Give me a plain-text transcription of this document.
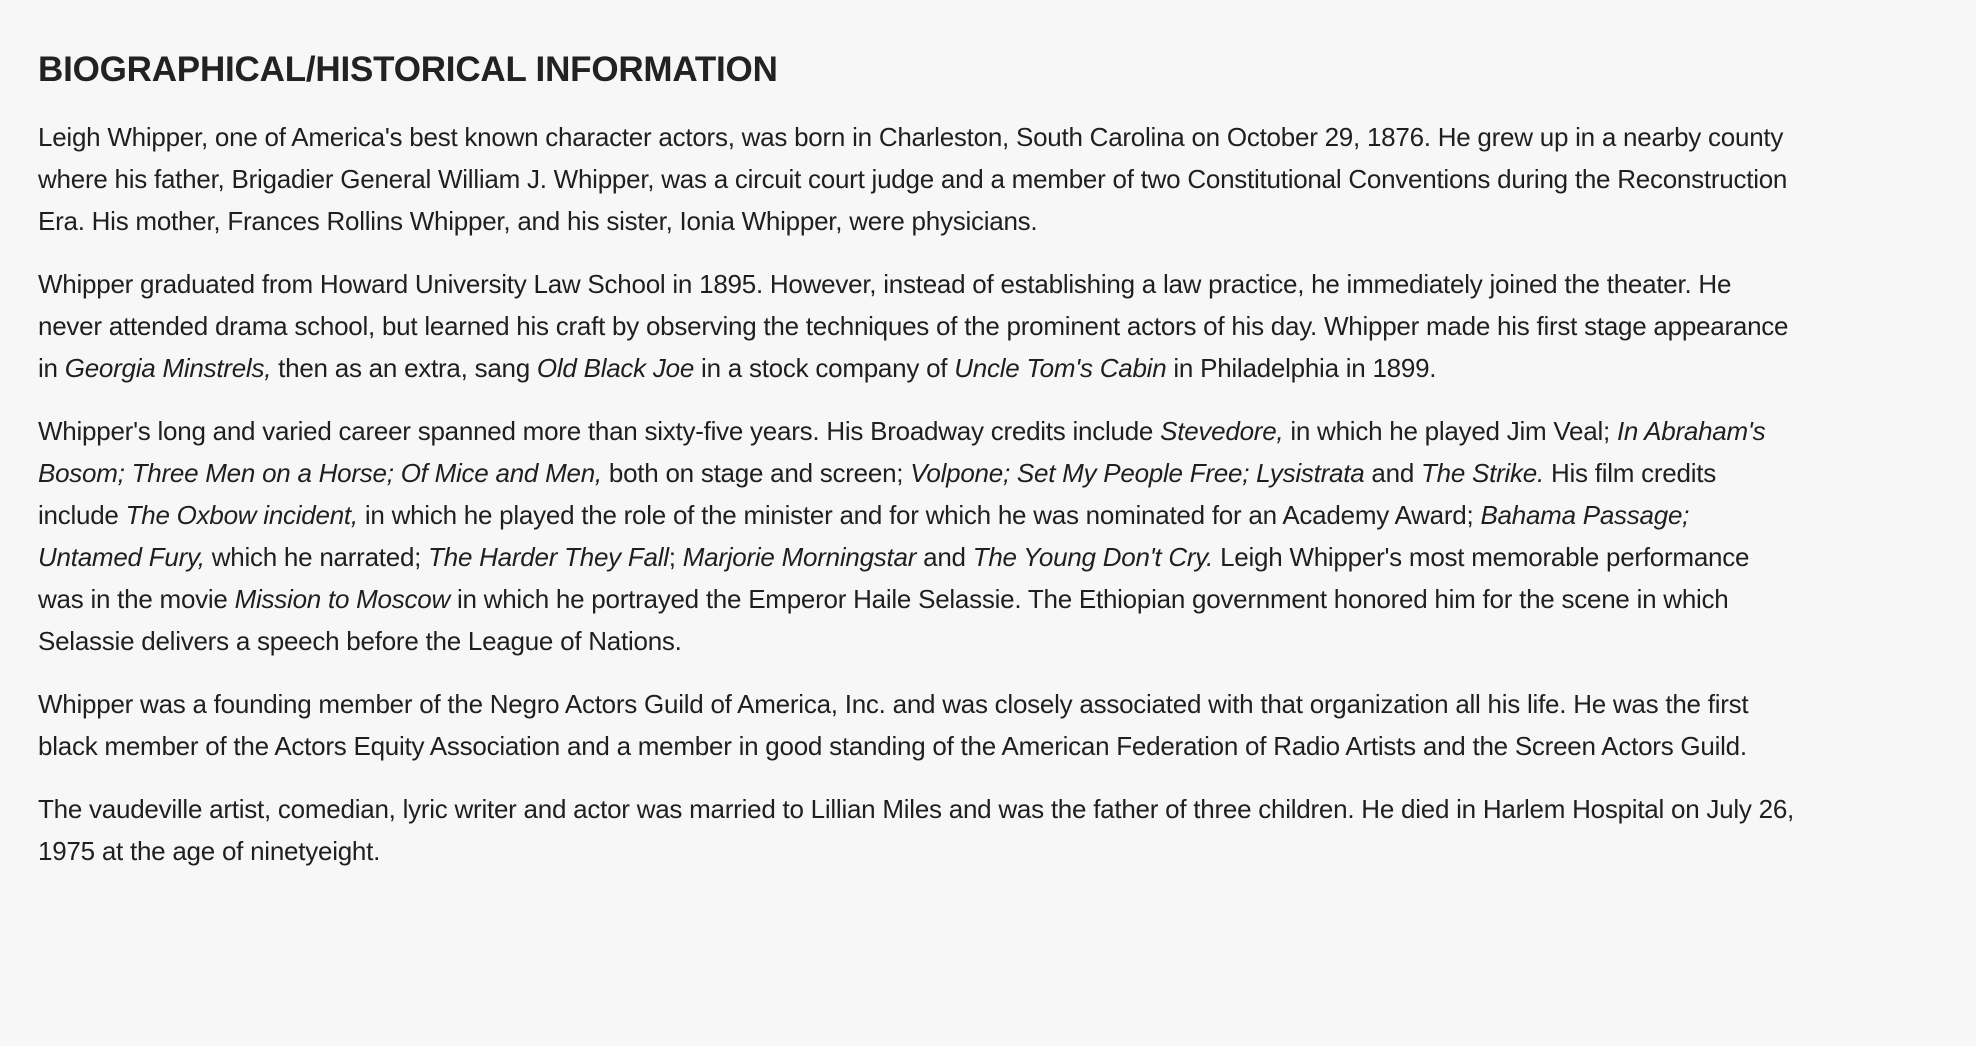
BIOGRAPHICAL/HISTORICAL INFORMATION

Leigh Whipper, one of America's best known character actors, was born in Charleston, South Carolina on October 29, 1876. He grew up in a nearby county where his father, Brigadier General William J. Whipper, was a circuit court judge and a member of two Constitutional Conventions during the Reconstruction Era. His mother, Frances Rollins Whipper, and his sister, Ionia Whipper, were physicians.

Whipper graduated from Howard University Law School in 1895. However, instead of establishing a law practice, he immediately joined the theater. He never attended drama school, but learned his craft by observing the techniques of the prominent actors of his day. Whipper made his first stage appearance in Georgia Minstrels, then as an extra, sang Old Black Joe in a stock company of Uncle Tom's Cabin in Philadelphia in 1899.

Whipper's long and varied career spanned more than sixty-five years. His Broadway credits include Stevedore, in which he played Jim Veal; In Abraham's Bosom; Three Men on a Horse; Of Mice and Men, both on stage and screen; Volpone; Set My People Free; Lysistrata and The Strike. His film credits include The Oxbow incident, in which he played the role of the minister and for which he was nominated for an Academy Award; Bahama Passage; Untamed Fury, which he narrated; The Harder They Fall; Marjorie Morningstar and The Young Don't Cry. Leigh Whipper's most memorable performance was in the movie Mission to Moscow in which he portrayed the Emperor Haile Selassie. The Ethiopian government honored him for the scene in which Selassie delivers a speech before the League of Nations.

Whipper was a founding member of the Negro Actors Guild of America, Inc. and was closely associated with that organization all his life. He was the first black member of the Actors Equity Association and a member in good standing of the American Federation of Radio Artists and the Screen Actors Guild.

The vaudeville artist, comedian, lyric writer and actor was married to Lillian Miles and was the father of three children. He died in Harlem Hospital on July 26, 1975 at the age of ninetyeight.
